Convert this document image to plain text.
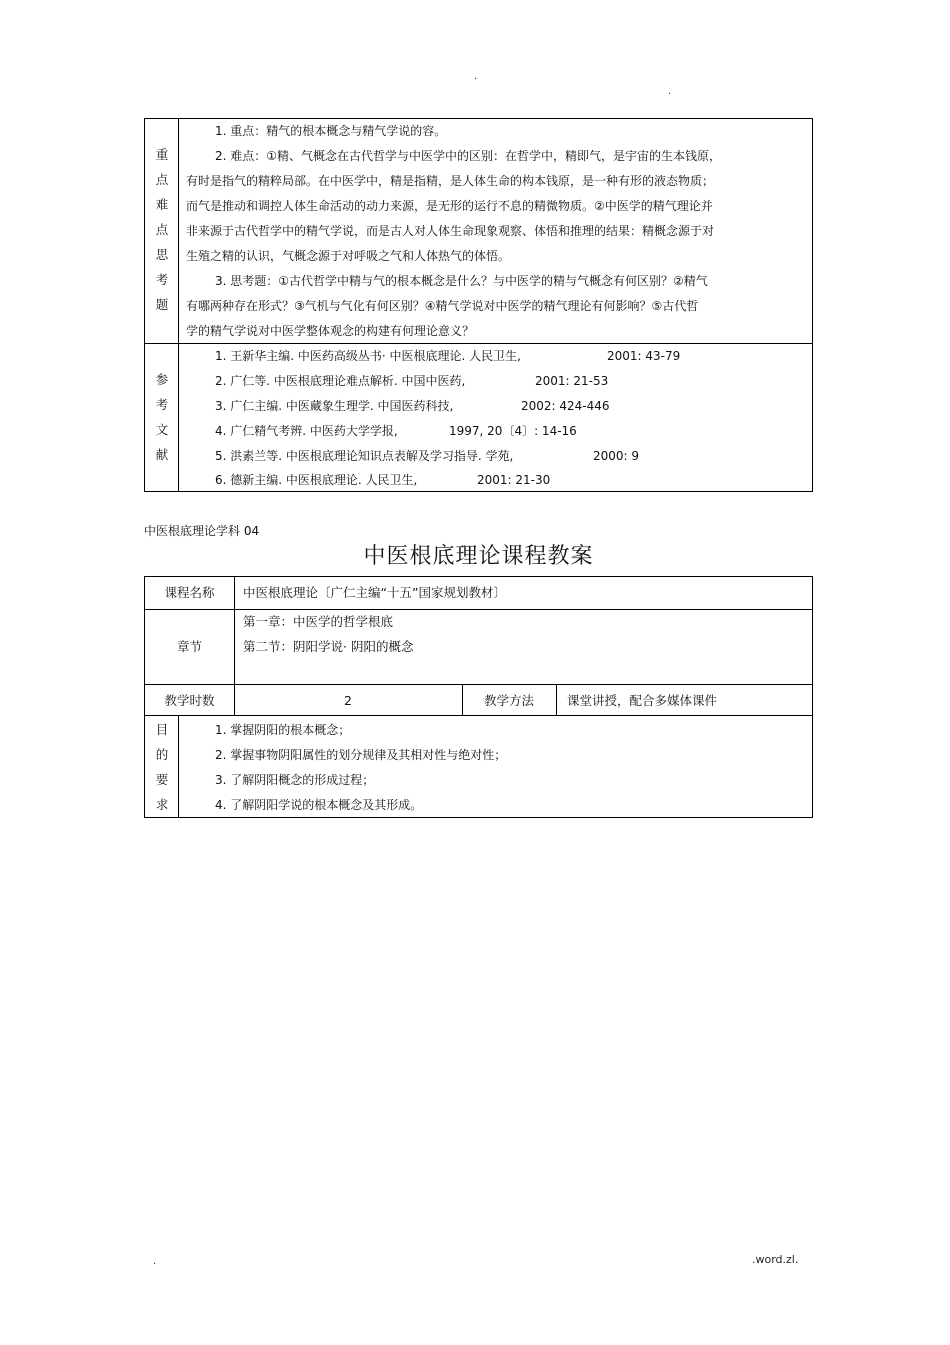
.
.
重
点
难
点
思
考
题
1. 重点：精气的根本概念与精气学说的容。
2. 难点：①精、气概念在古代哲学与中医学中的区别：在哲学中，精即气，是宇宙的生本钱原，
有时是指气的精粹局部。在中医学中，精是指精，是人体生命的构本钱原，是一种有形的液态物质；
而气是推动和调控人体生命活动的动力来源，是无形的运行不息的精微物质。②中医学的精气理论并
非来源于古代哲学中的精气学说，而是古人对人体生命现象观察、体悟和推理的结果：精概念源于对
生殖之精的认识，气概念源于对呼吸之气和人体热气的体悟。
3. 思考题：①古代哲学中精与气的根本概念是什么？与中医学的精与气概念有何区别？②精气
有哪两种存在形式？③气机与气化有何区别？④精气学说对中医学的精气理论有何影响？⑤古代哲
学的精气学说对中医学整体观念的构建有何理论意义？
参
考
文
献
1. 王新华主编. 中医药高级丛书· 中医根底理论. 人民卫生,	2001: 43-79
2. 广仁等. 中医根底理论难点解析. 中国中医药,	2001: 21-53
3. 广仁主编. 中医藏象生理学. 中国医药科技,	2002: 424-446
4. 广仁精气考辨. 中医药大学学报,	1997, 20〔4〕: 14-16
5. 洪素兰等. 中医根底理论知识点表解及学习指导. 学苑,	2000: 9
6. 德新主编. 中医根底理论. 人民卫生,	2001: 21-30
中医根底理论学科 04
中医根底理论课程教案
课程名称	中医根底理论〔广仁主编“十五”国家规划教材〕
章节
第一章：中医学的哲学根底
第二节：阴阳学说· 阴阳的概念
教学时数	2	教学方法	课堂讲授，配合多媒体课件
目
的
要
求
1. 掌握阴阳的根本概念；
2. 掌握事物阴阳属性的划分规律及其相对性与绝对性；
3. 了解阴阳概念的形成过程；
4. 了解阴阳学说的根本概念及其形成。
.	.word.zl.
